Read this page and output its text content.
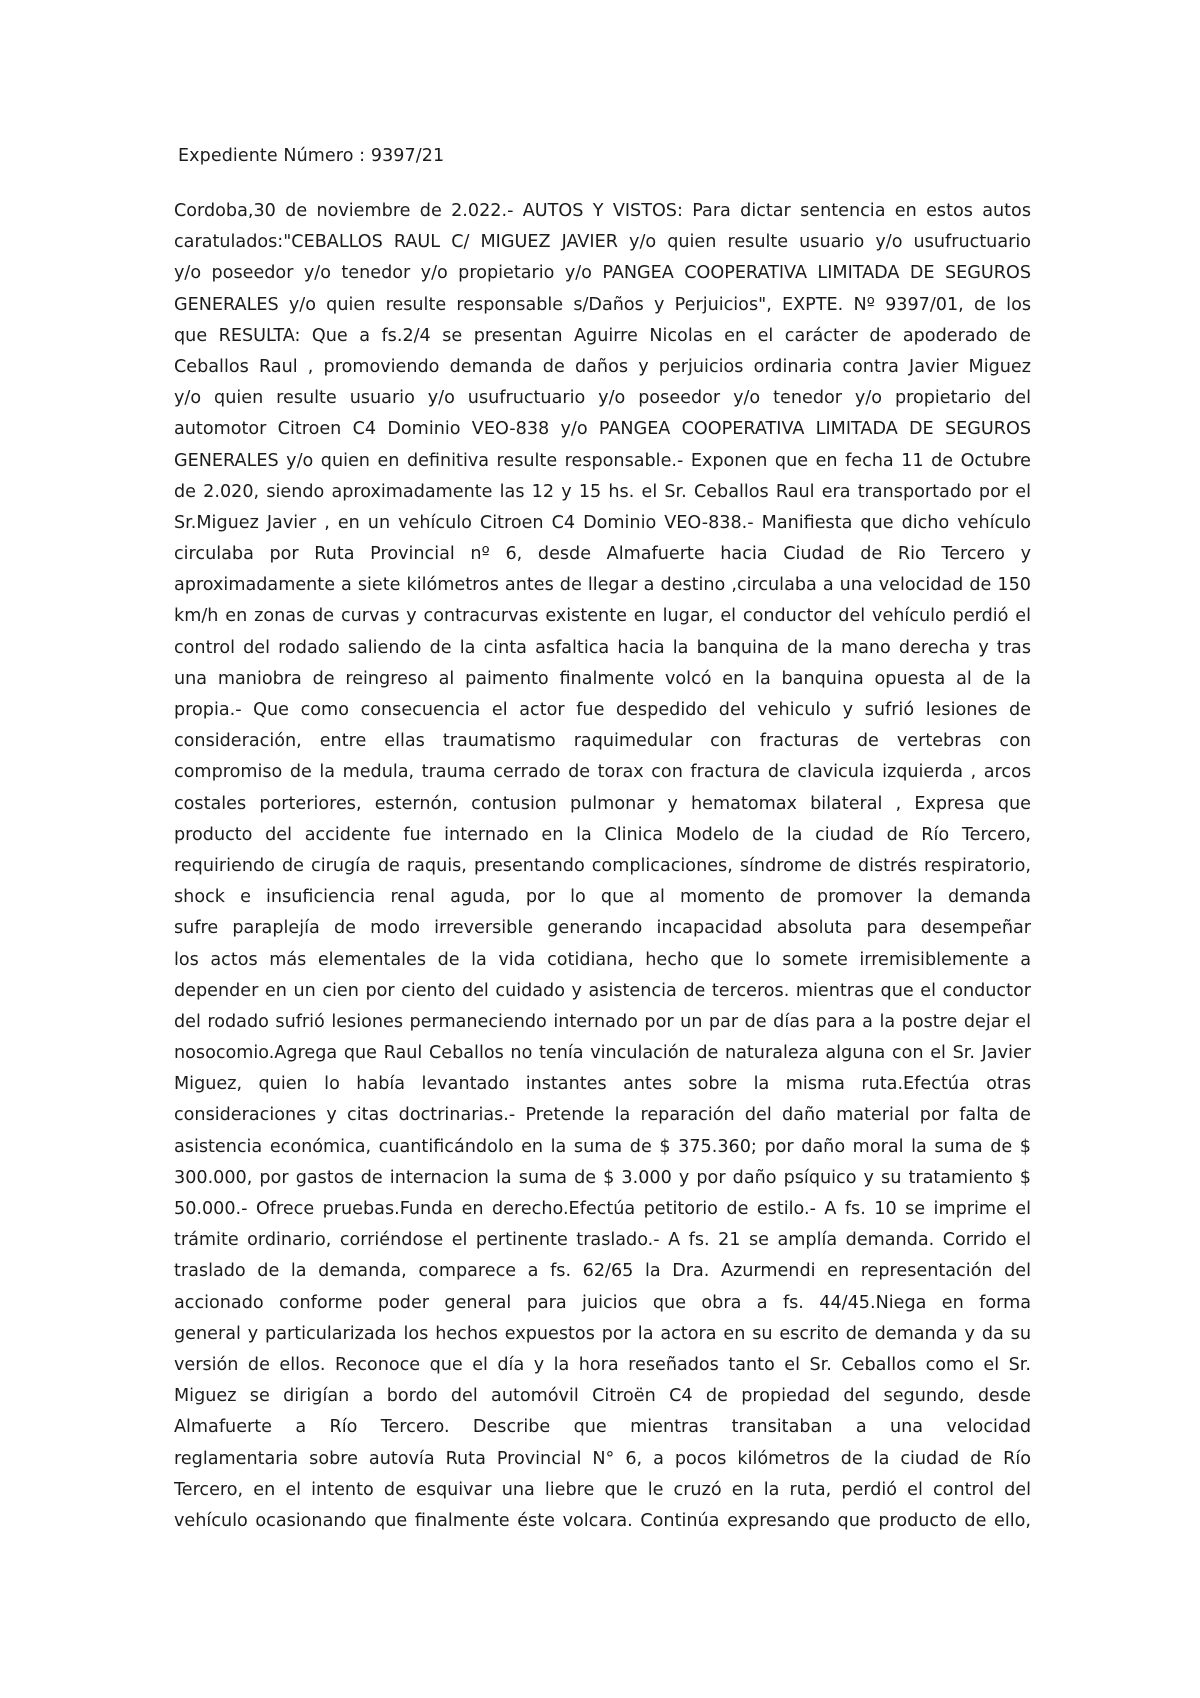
Expediente Número : 9397/21
Cordoba,30 de noviembre de 2.022.- AUTOS Y VISTOS: Para dictar sentencia en estos autos
caratulados:"CEBALLOS RAUL C/ MIGUEZ JAVIER y/o quien resulte usuario y/o usufructuario
y/o poseedor y/o tenedor y/o propietario y/o PANGEA COOPERATIVA LIMITADA DE SEGUROS
GENERALES y/o quien resulte responsable s/Daños y Perjuicios", EXPTE. Nº 9397/01, de los
que RESULTA: Que a fs.2/4 se presentan Aguirre Nicolas en el carácter de apoderado de
Ceballos Raul , promoviendo demanda de daños y perjuicios ordinaria contra Javier Miguez
y/o quien resulte usuario y/o usufructuario y/o poseedor y/o tenedor y/o propietario del
automotor Citroen C4 Dominio VEO-838 y/o PANGEA COOPERATIVA LIMITADA DE SEGUROS
GENERALES y/o quien en definitiva resulte responsable.- Exponen que en fecha 11 de Octubre
de 2.020, siendo aproximadamente las 12 y 15 hs. el Sr. Ceballos Raul era transportado por el
Sr.Miguez Javier , en un vehículo Citroen C4 Dominio VEO-838.- Manifiesta que dicho vehículo
circulaba por Ruta Provincial nº 6, desde Almafuerte hacia Ciudad de Rio Tercero y
aproximadamente a siete kilómetros antes de llegar a destino ,circulaba a una velocidad de 150
km/h en zonas de curvas y contracurvas existente en lugar, el conductor del vehículo perdió el
control del rodado saliendo de la cinta asfaltica hacia la banquina de la mano derecha y tras
una maniobra de reingreso al paimento finalmente volcó en la banquina opuesta al de la
propia.- Que como consecuencia el actor fue despedido del vehiculo y sufrió lesiones de
consideración, entre ellas traumatismo raquimedular con fracturas de vertebras con
compromiso de la medula, trauma cerrado de torax con fractura de clavicula izquierda , arcos
costales porteriores, esternón, contusion pulmonar y hematomax bilateral , Expresa que
producto del accidente fue internado en la Clinica Modelo de la ciudad de Río Tercero,
requiriendo de cirugía de raquis, presentando complicaciones, síndrome de distrés respiratorio,
shock e insuficiencia renal aguda, por lo que al momento de promover la demanda
sufre paraplejía de modo irreversible generando incapacidad absoluta para desempeñar
los actos más elementales de la vida cotidiana, hecho que lo somete irremisiblemente a
depender en un cien por ciento del cuidado y asistencia de terceros. mientras que el conductor
del rodado sufrió lesiones permaneciendo internado por un par de días para a la postre dejar el
nosocomio.Agrega que Raul Ceballos no tenía vinculación de naturaleza alguna con el Sr. Javier
Miguez, quien lo había levantado instantes antes sobre la misma ruta.Efectúa otras
consideraciones y citas doctrinarias.- Pretende la reparación del daño material por falta de
asistencia económica, cuantificándolo en la suma de $ 375.360; por daño moral la suma de $
300.000, por gastos de internacion la suma de $ 3.000 y por daño psíquico y su tratamiento $
50.000.- Ofrece pruebas.Funda en derecho.Efectúa petitorio de estilo.- A fs. 10 se imprime el
trámite ordinario, corriéndose el pertinente traslado.- A fs. 21 se amplía demanda. Corrido el
traslado de la demanda, comparece a fs. 62/65 la Dra. Azurmendi en representación del
accionado conforme poder general para juicios que obra a fs. 44/45.Niega en forma
general y particularizada los hechos expuestos por la actora en su escrito de demanda y da su
versión de ellos. Reconoce que el día y la hora reseñados tanto el Sr. Ceballos como el Sr.
Miguez se dirigían a bordo del automóvil Citroën C4 de propiedad del segundo, desde
Almafuerte a Río Tercero. Describe que mientras transitaban a una velocidad
reglamentaria sobre autovía Ruta Provincial N° 6, a pocos kilómetros de la ciudad de Río
Tercero, en el intento de esquivar una liebre que le cruzó en la ruta, perdió el control del
vehículo ocasionando que finalmente éste volcara. Continúa expresando que producto de ello,
